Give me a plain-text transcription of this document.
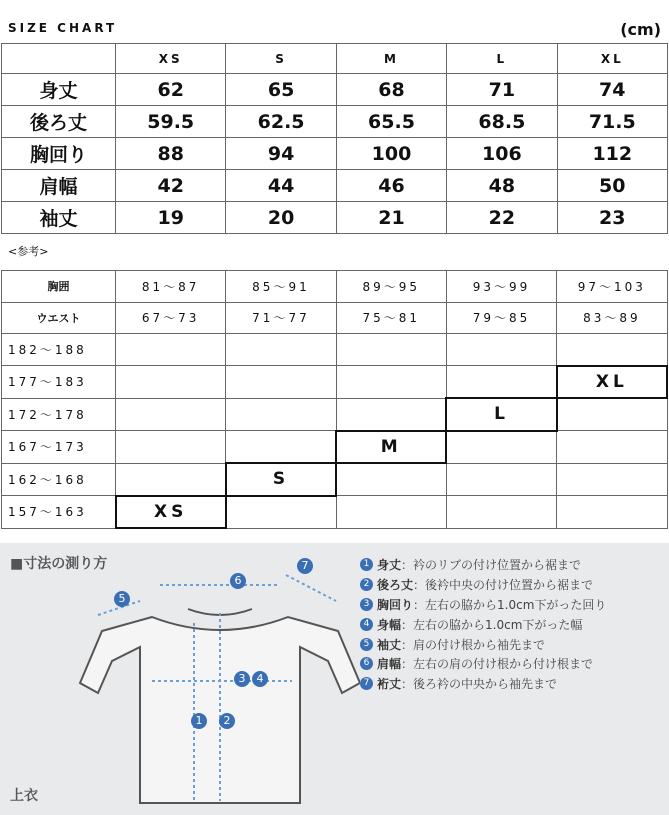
SIZE CHART	(cm)
	XS	S	M	L	XL
身丈	62	65	68	71	74
後ろ丈	59.5	62.5	65.5	68.5	71.5
胸回り	88	94	100	106	112
肩幅	42	44	46	48	50
袖丈	19	20	21	22	23
<参考>
胸囲	81～87	85～91	89～95	93～99	97～103
ウエスト	67～73	71～77	75～81	79～85	83～89
182～188					
177～183					XL
172～178				L	
167～173			M		
162～168		S			
157～163	XS				
■寸法の測り方
5
6
7
3	4
1	2
1 身丈 ：衿のリブの付け位置から裾まで
2 後ろ丈 ：後衿中央の付け位置から裾まで
3 胸回り ：左右の脇から1.0cm下がった回り
4 身幅 ：左右の脇から1.0cm下がった幅
5 袖丈 ：肩の付け根から袖先まで
6 肩幅 ：左右の肩の付け根から付け根まで
7 裄丈 ：後ろ衿の中央から袖先まで
上衣
